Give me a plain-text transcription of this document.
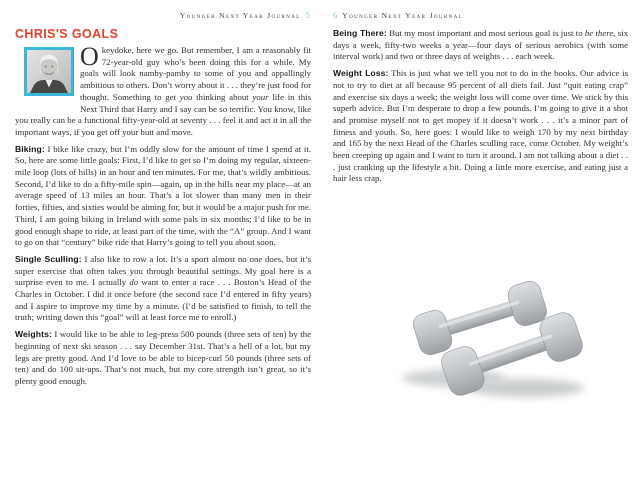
Younger Next Year Journal 5	6 Younger Next Year Journal
CHRIS'S GOALS

Okeydoke, here we go. But remember, I am a reasonably fit 72-year-old guy who’s been doing this for a while. My goals will look namby-pamby to some of you and appallingly ambitious to others. Don’t worry about it . . . they’re just food for thought. Something to get you thinking about your life in this Next Third that Harry and I say can be so terrific. You know, like you really can be a functional fifty-year-old at seventy . . . feel it and act it in all the important ways, if you get off your butt and move.

Biking: I bike like crazy, but I’m oddly slow for the amount of time I spend at it. So, here are some little goals: First, I’d like to get so I’m doing my regular, sixteen-mile loop (lots of hills) in an hour and ten minutes. For me, that’s wildly ambitious. Second, I’d like to do a fifty-mile spin—again, up in the hills near my place—at an average speed of 13 miles an hour. That’s a lot slower than many men in their forties, fifties, and sixties would be aiming for, but it would be a major push for me. Third, I am going biking in Ireland with some pals in six months; I’d like to be in good enough shape to ride, at least part of the time, with the “A” group. And I want to go on that “century” bike ride that Harry’s going to tell you about soon.

Single Sculling: I also like to row a lot. It’s a sport almost no one does, but it’s super exercise that often takes you through beautiful settings. My goal here is a surprise even to me. I actually do want to enter a race . . . Boston’s Head of the Charles in October. I did it once before (the second race I’d entered in fifty years) and I aspire to improve my time by a minute. (I’d be satisfied to finish, to tell the truth; writing down this “goal” will at least force me to enroll.)

Weights: I would like to be able to leg-press 500 pounds (three sets of ten) by the beginning of next ski season . . . say December 31st. That’s a hell of a lot, but my legs are pretty good. And I’d love to be able to bicep-curl 50 pounds (three sets of ten) and do 100 sit-ups. That’s not much, but my core strength isn’t great, so it’s plenty good enough.

Being There: But my most important and most serious goal is just to be there, six days a week, fifty-two weeks a year—four days of serious aerobics (with some interval work) and two or three days of weights . . . each week.

Weight Loss: This is just what we tell you not to do in the books. Our advice is not to try to diet at all because 95 percent of all diets fail. Just “quit eating crap” and exercise six days a week; the weight loss will come over time. We stick by this superb advice. But I’m desperate to drop a few pounds. I’m going to give it a shot and promise myself not to get mopey if it doesn’t work . . . it’s a minor part of fitness and youth. So, here goes: I would like to weigh 170 by my next birthday and 165 by the next Head of the Charles sculling race, come October. My weight’s been creeping up again and I want to turn it around. I am not talking about a diet . . . just cranking up the lifestyle a bit. Doing a little more exercise, and eating just a hair less crap.
